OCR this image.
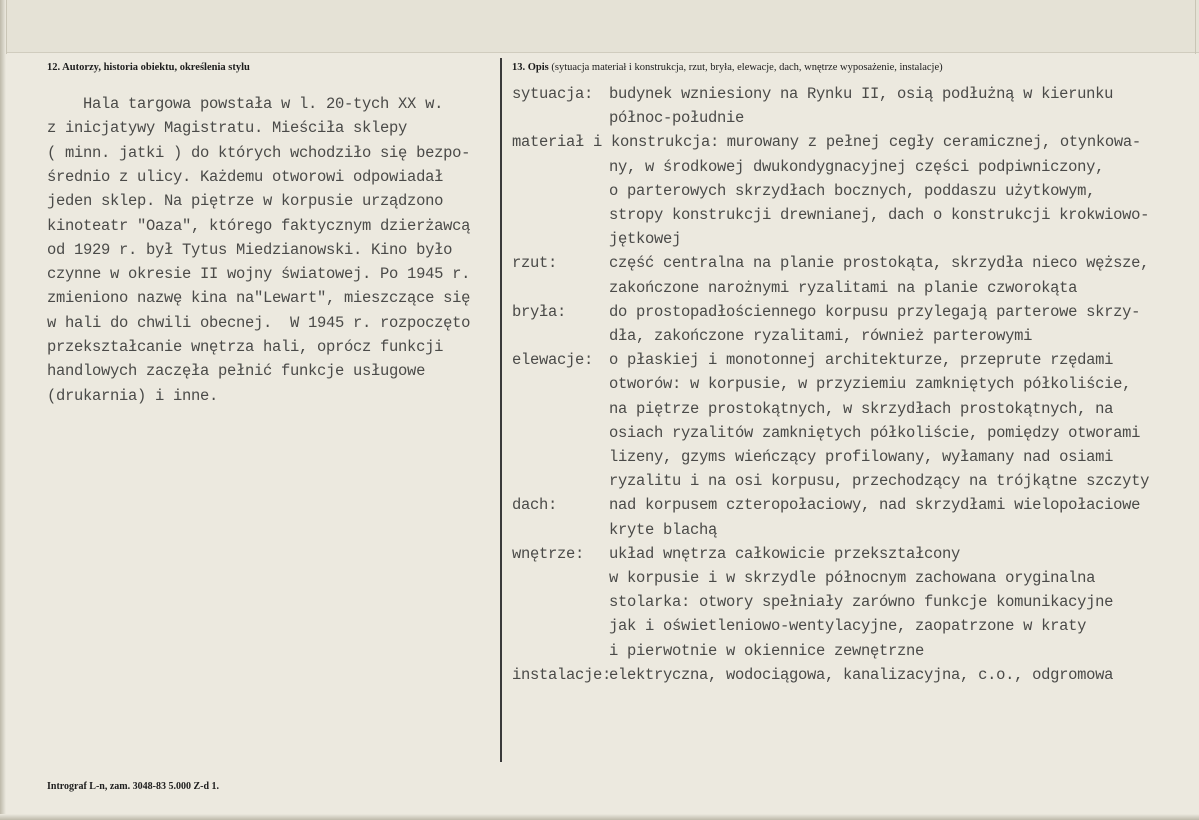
12. Autorzy, historia obiektu, określenia stylu	13. Opis (sytuacja materiał i konstrukcja, rzut, bryła, elewacje, dach, wnętrze wyposażenie, instalacje)
Hala targowa powstała w l. 20-tych XX w.
z inicjatywy Magistratu. Mieściła sklepy
( minn. jatki ) do których wchodziło się bezpo-
średnio z ulicy. Każdemu otworowi odpowiadał
jeden sklep. Na piętrze w korpusie urządzono
kinoteatr "Oaza", którego faktycznym dzierżawcą
od 1929 r. był Tytus Miedzianowski. Kino było
czynne w okresie II wojny światowej. Po 1945 r.
zmieniono nazwę kina na"Lewart", mieszczące się
w hali do chwili obecnej.  W 1945 r. rozpoczęto
przekształcanie wnętrza hali, oprócz funkcji
handlowych zaczęła pełnić funkcje usługowe
(drukarnia) i inne.
sytuacja: budynek wzniesiony na Rynku II, osią podłużną w kierunku
północ-południe
materiał i konstrukcja: murowany z pełnej cegły ceramicznej, otynkowa-
ny, w środkowej dwukondygnacyjnej części podpiwniczony,
o parterowych skrzydłach bocznych, poddaszu użytkowym,
stropy konstrukcji drewnianej, dach o konstrukcji krokwiowo-
jętkowej
rzut:	część centralna na planie prostokąta, skrzydła nieco węższe,
zakończone narożnymi ryzalitami na planie czworokąta
bryła:	do prostopadłościennego korpusu przylegają parterowe skrzy-
dła, zakończone ryzalitami, również parterowymi
elewacje: o płaskiej i monotonnej architekturze, przeprute rzędami
otworów: w korpusie, w przyziemiu zamkniętych półkoliście,
na piętrze prostokątnych, w skrzydłach prostokątnych, na
osiach ryzalitów zamkniętych półkoliście, pomiędzy otworami
lizeny, gzyms wieńczący profilowany, wyłamany nad osiami
ryzalitu i na osi korpusu, przechodzący na trójkątne szczyty
dach:	nad korpusem czteropołaciowy, nad skrzydłami wielopołaciowe
kryte blachą
wnętrze: układ wnętrza całkowicie przekształcony
w korpusie i w skrzydle północnym zachowana oryginalna
stolarka: otwory spełniały zarówno funkcje komunikacyjne
jak i oświetleniowo-wentylacyjne, zaopatrzone w kraty
i pierwotnie w okiennice zewnętrzne
instalacje:
elektryczna, wodociągowa, kanalizacyjna, c.o., odgromowa
Intrograf L-n, zam. 3048-83 5.000 Z-d 1.
